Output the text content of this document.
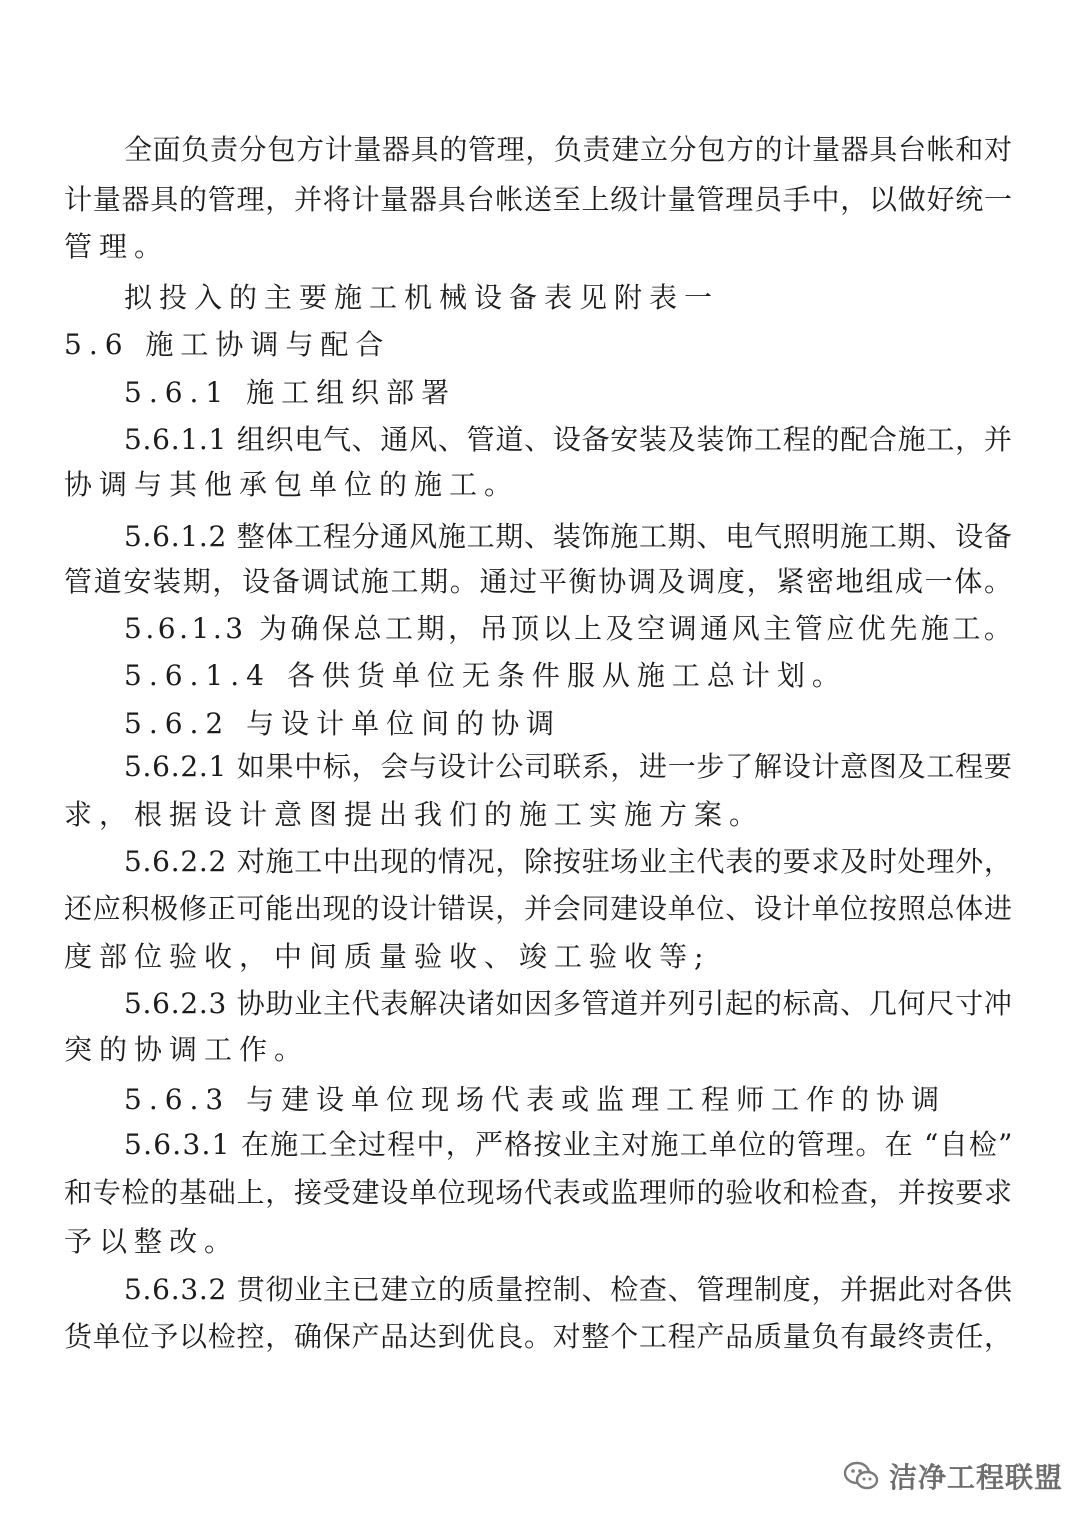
全面负责分包方计量器具的管理，负责建立分包方的计量器具台帐和对
计量器具的管理，并将计量器具台帐送至上级计量管理员手中，以做好统一
管理。
拟投入的主要施工机械设备表见附表一
5.6 施工协调与配合
5.6.1 施工组织部署
5.6.1.1 组织电气、通风、管道、设备安装及装饰工程的配合施工，并
协调与其他承包单位的施工。
5.6.1.2 整体工程分通风施工期、装饰施工期、电气照明施工期、设备
管道安装期，设备调试施工期。通过平衡协调及调度，紧密地组成一体。
5.6.1.3 为确保总工期，吊顶以上及空调通风主管应优先施工。
5.6.1.4 各供货单位无条件服从施工总计划。
5.6.2 与设计单位间的协调
5.6.2.1 如果中标，会与设计公司联系，进一步了解设计意图及工程要
求，根据设计意图提出我们的施工实施方案。
5.6.2.2 对施工中出现的情况，除按驻场业主代表的要求及时处理外，
还应积极修正可能出现的设计错误，并会同建设单位、设计单位按照总体进
度部位验收，中间质量验收、竣工验收等;
5.6.2.3 协助业主代表解决诸如因多管道并列引起的标高、几何尺寸冲
突的协调工作。
5.6.3 与建设单位现场代表或监理工程师工作的协调
5.6.3.1 在施工全过程中，严格按业主对施工单位的管理。在 “自检”
和专检的基础上，接受建设单位现场代表或监理师的验收和检查，并按要求
予以整改。
5.6.3.2 贯彻业主已建立的质量控制、检查、管理制度，并据此对各供
货单位予以检控，确保产品达到优良。对整个工程产品质量负有最终责任，
洁净工程联盟
